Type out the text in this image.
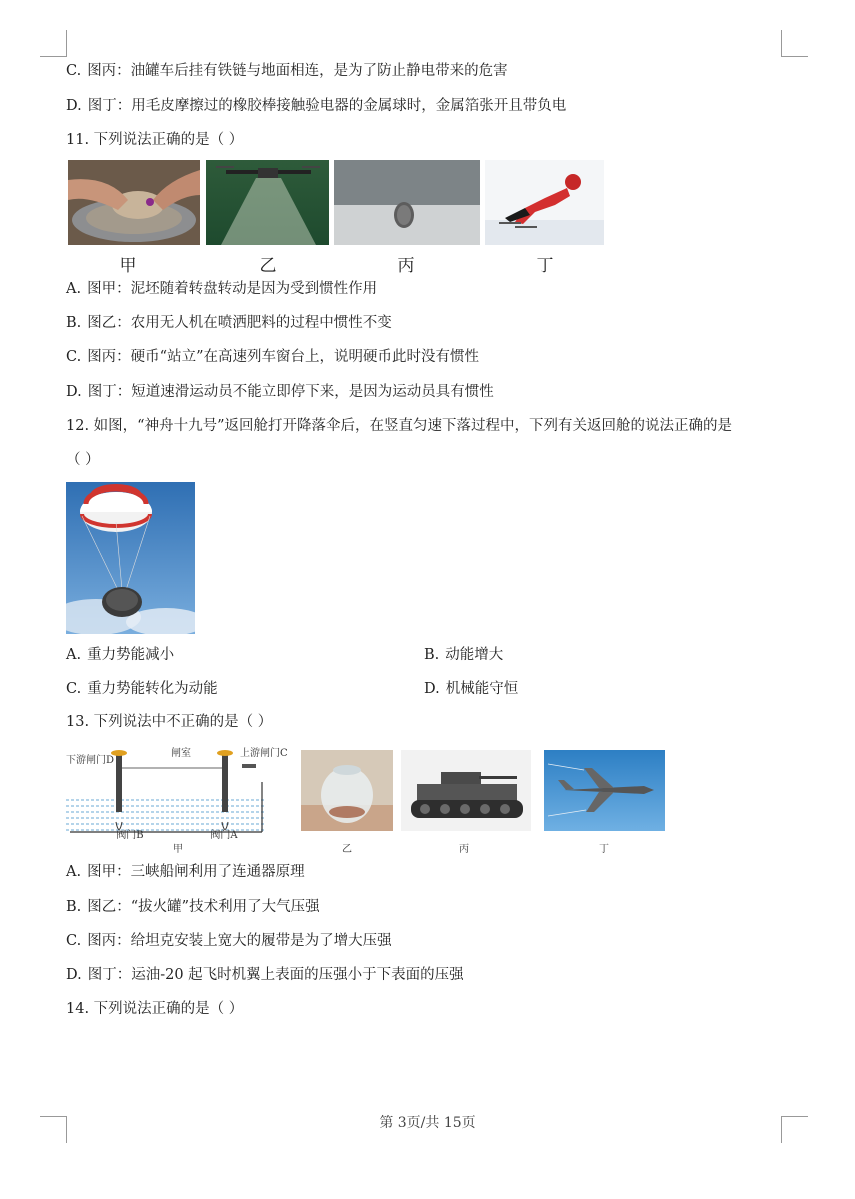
C. 图丙：油罐车后挂有铁链与地面相连，是为了防止静电带来的危害
D. 图丁：用毛皮摩擦过的橡胶棒接触验电器的金属球时，金属箔张开且带负电
11. 下列说法正确的是（ ）
甲	乙	丙	丁
A. 图甲：泥坯随着转盘转动是因为受到惯性作用
B. 图乙：农用无人机在喷洒肥料的过程中惯性不变
C. 图丙：硬币“站立”在高速列车窗台上，说明硬币此时没有惯性
D. 图丁：短道速滑运动员不能立即停下来，是因为运动员具有惯性
12. 如图，“神舟十九号”返回舱打开降落伞后，在竖直匀速下落过程中，下列有关返回舱的说法正确的是
（ ）
A. 重力势能减小	B. 动能增大
C. 重力势能转化为动能	D. 机械能守恒
13. 下列说法中不正确的是（ ）
下游闸门D
闸室	上游闸门C
阀门B	阀门A
甲	乙	丙	丁
A. 图甲：三峡船闸利用了连通器原理
B. 图乙：“拔火罐”技术利用了大气压强
C. 图丙：给坦克安装上宽大的履带是为了增大压强
D. 图丁：运油-20 起飞时机翼上表面的压强小于下表面的压强
14. 下列说法正确的是（ ）
第 3页/共 15页
